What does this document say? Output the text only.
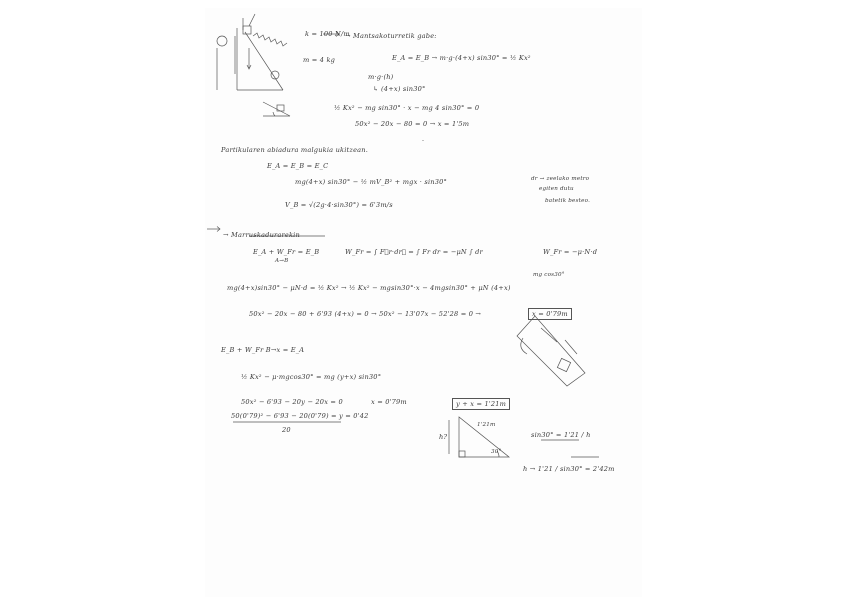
k = 100 N/m
m = 4 kg
→ Mantsakoturretik gabe:
E_A = E_B → m·g·(4+x) sin30° = ½ Kx²
m·g·(h)
↳ (4+x) sin30°
½ Kx² − mg sin30° · x − mg 4 sin30° = 0
50x² − 20x − 80 = 0 → x = 1'5m
Partikularen abiadura malgukia ukitzean.
E_A = E_B = E_C
mg(4+x) sin30° − ½ mV_B² + mgx · sin30°
V_B = √(2g·4·sin30°) = 6'3m/s
dr → zeelako metro
egiten dutu
batetik besteo.
→ Marruskadurarekin
E_A + W_Fr = E_B
A→B
W_Fr = ∫ F⃗r·dr⃗ = ∫ Fr dr = −μN ∫ dr	W_Fr = −μ·N·d
mg(4+x)sin30° − μN·d = ½ Kx² → ½ Kx² − mgsin30°·x − 4mgsin30° + μN (4+x)
mg cos30°
50x² − 20x − 80 + 6'93 (4+x) = 0 → 50x² − 13'07x − 52'28 = 0 →	x = 0'79m
E_B + W_Fr B→x = E_A
½ Kx² − μ·mgcos30° = mg (y+x) sin30°
50x² − 6'93 − 20y − 20x = 0	x = 0'79m
50(0'79)² − 6'93 − 20(0'79) = y = 0'42
20
y + x = 1'21m
1'21m
h?
30°
sin30° = 1'21 / h
h → 1'21 / sin30° = 2'42m
